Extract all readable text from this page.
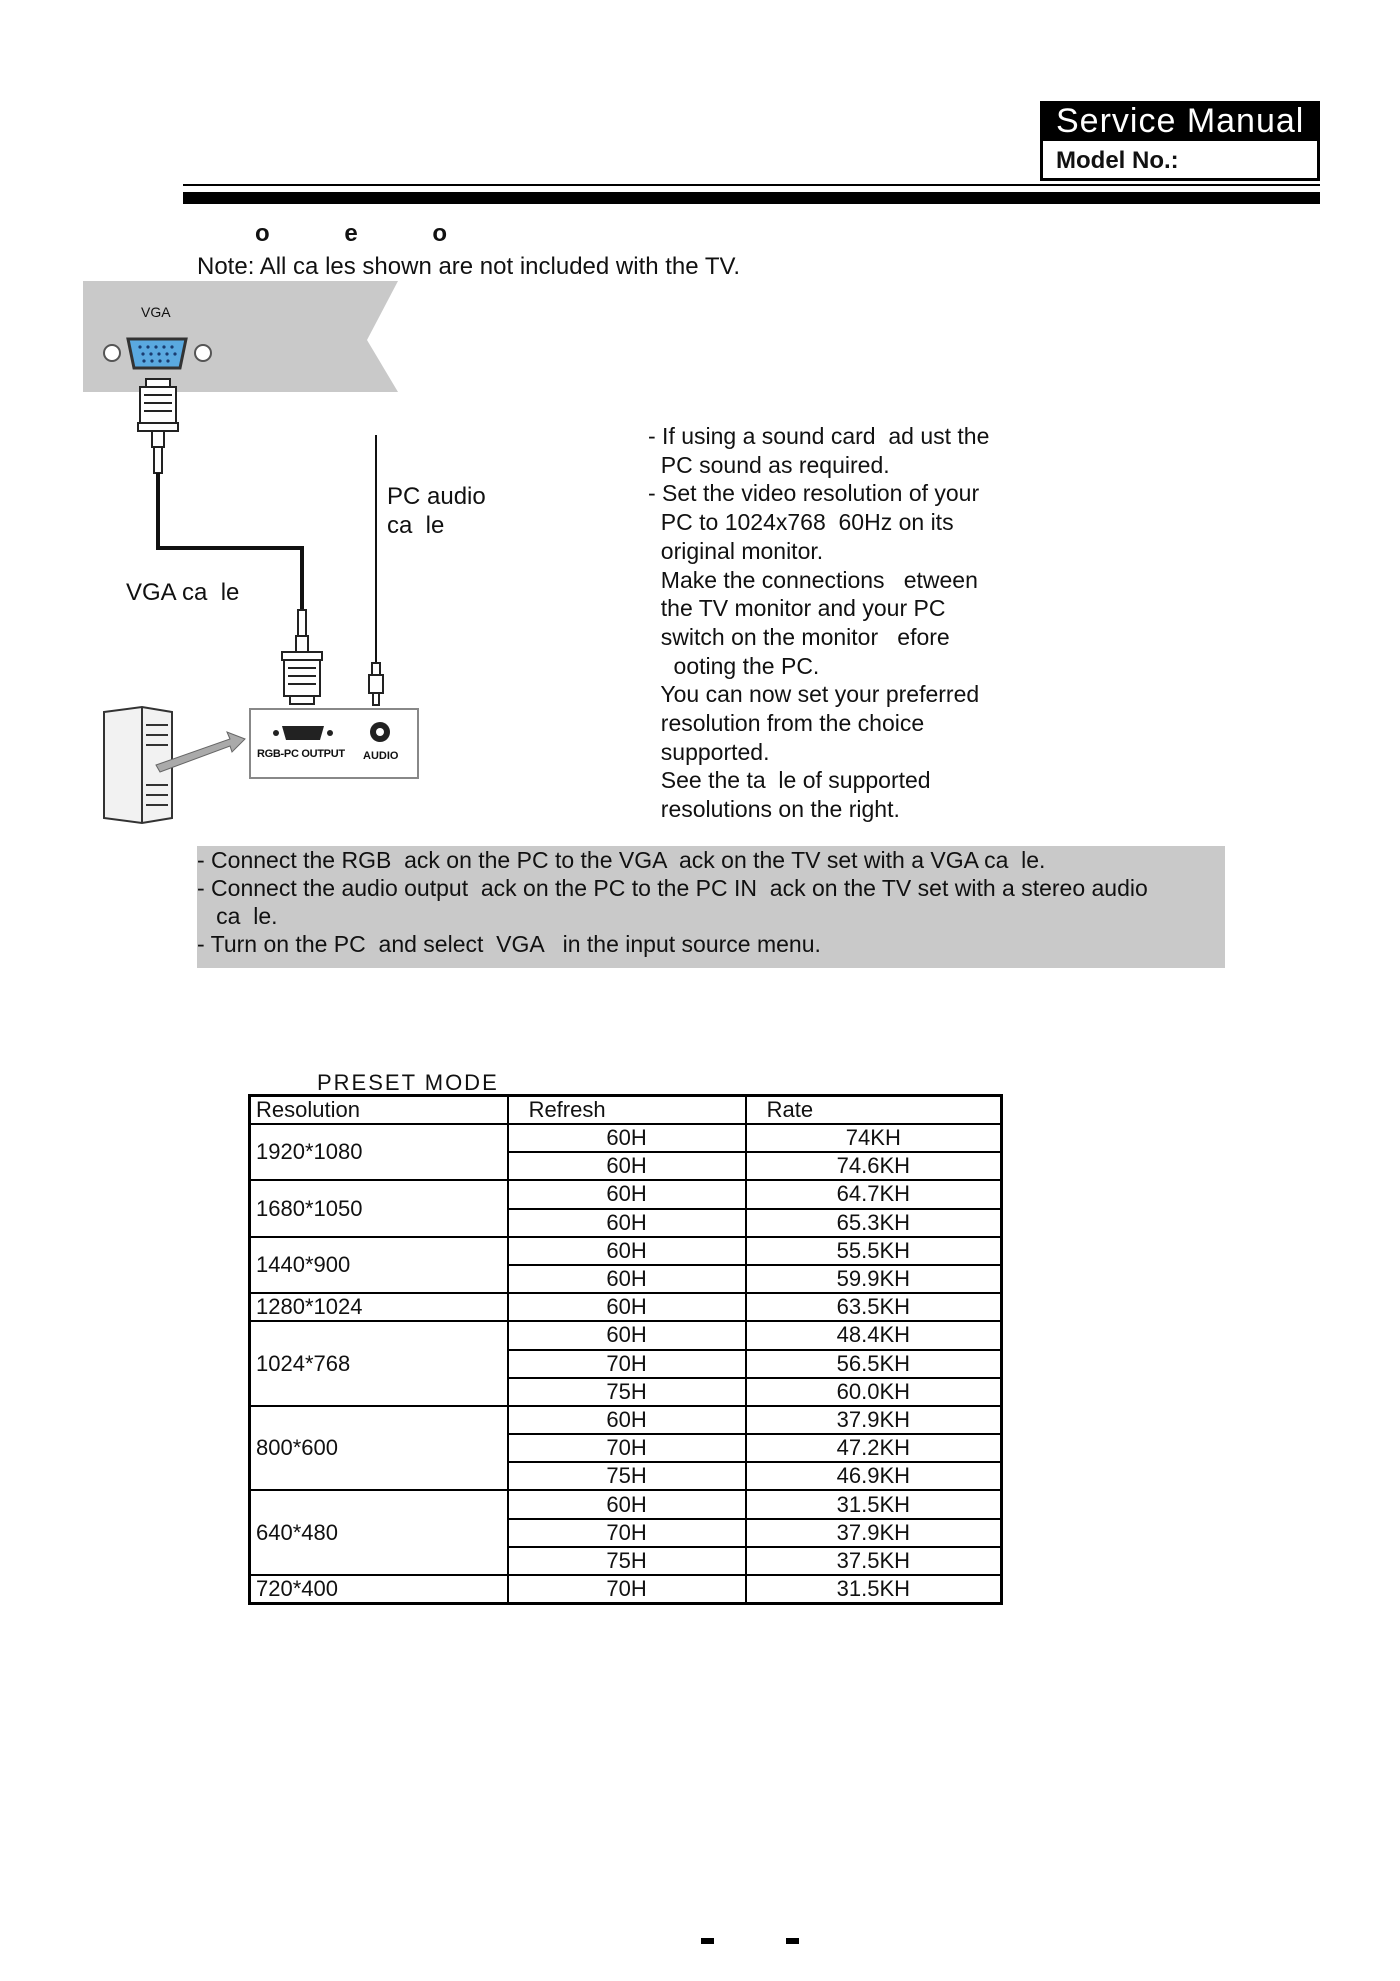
Service Manual
Model No.:
o e o
Note: All ca les shown are not included with the TV.
VGA
PC audio
ca  le
VGA ca  le
RGB-PC OUTPUT AUDIO
- If using a sound card  ad ust the
PC sound as required.
- Set the video resolution of your
PC to 1024x768  60Hz on its
original monitor.
Make the connections   etween
the TV monitor and your PC
switch on the monitor   efore
ooting the PC.
You can now set your preferred
resolution from the choice
supported.
See the ta  le of supported
resolutions on the right.
- Connect the RGB  ack on the PC to the VGA  ack on the TV set with a VGA ca  le.
- Connect the audio output  ack on the PC to the PC IN  ack on the TV set with a stereo audio
ca  le.
- Turn on the PC  and select  VGA   in the input source menu.
PRESET MODE
Resolution	Refresh	Rate
1920*1080	60H	74KH
	60H	74.6KH
1680*1050	60H	64.7KH
	60H	65.3KH
1440*900	60H	55.5KH
	60H	59.9KH
1280*1024	60H	63.5KH
1024*768	60H	48.4KH
	70H	56.5KH
	75H	60.0KH
800*600	60H	37.9KH
	70H	47.2KH
	75H	46.9KH
640*480	60H	31.5KH
	70H	37.9KH
	75H	37.5KH
720*400	70H	31.5KH
